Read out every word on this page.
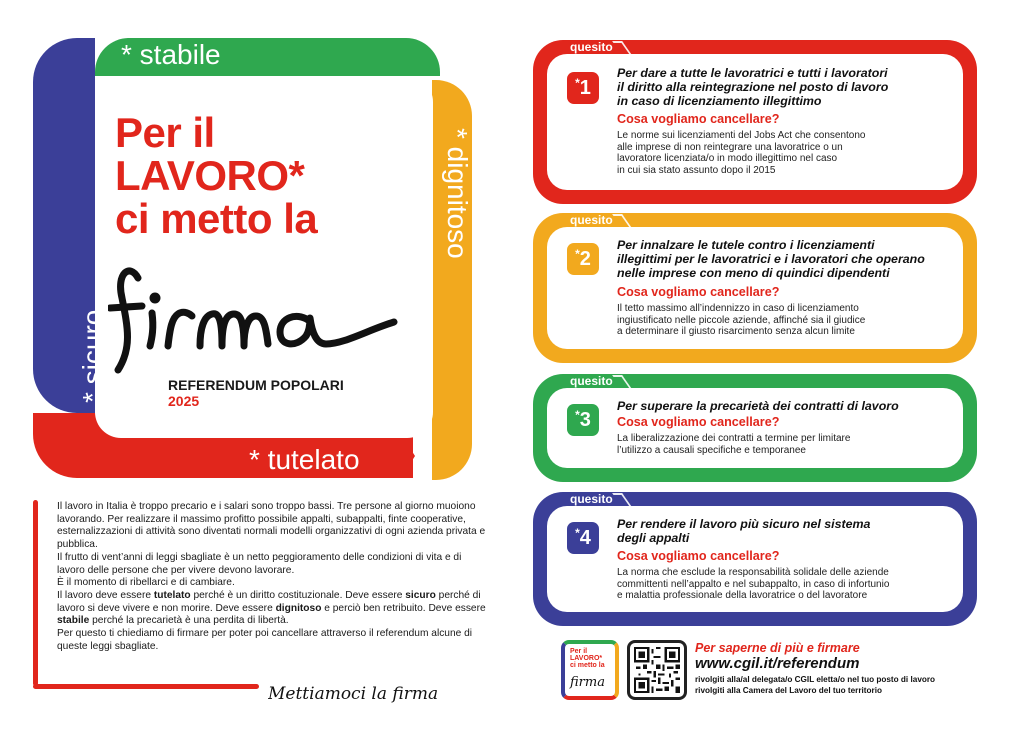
* stabile
* dignitoso
* sicuro
* tutelato
Per il
LAVORO*
ci metto la
REFERENDUM POPOLARI
2025

Il lavoro in Italia è troppo precario e i salari sono troppo bassi. Tre persone al giorno muoiono lavorando. Per realizzare il massimo profitto possibile appalti, subappalti, finte cooperative, esternalizzazioni di attività sono diventati normali modelli organizzativi di ogni azienda privata e pubblica.

Il frutto di vent’anni di leggi sbagliate è un netto peggioramento delle condizioni di vita e di lavoro delle persone che per vivere devono lavorare.

È il momento di ribellarci e di cambiare.

Il lavoro deve essere tutelato perché è un diritto costituzionale. Deve essere sicuro perché di lavoro si deve vivere e non morire. Deve essere dignitoso e perciò ben retribuito. Deve essere stabile perché la precarietà è una perdita di libertà.

Per questo ti chiediamo di firmare per poter poi cancellare attraverso il referendum alcune di queste leggi sbagliate.

Mettiamoci la firma
quesito
*1
Per dare a tutte le lavoratrici e tutti i lavoratori
il diritto alla reintegrazione nel posto di lavoro
in caso di licenziamento illegittimo
Cosa vogliamo cancellare?
Le norme sui licenziamenti del Jobs Act che consentono
alle imprese di non reintegrare una lavoratrice o un
lavoratore licenziata/o in modo illegittimo nel caso
in cui sia stato assunto dopo il 2015
quesito
*2
Per innalzare le tutele contro i licenziamenti
illegittimi per le lavoratrici e i lavoratori che operano
nelle imprese con meno di quindici dipendenti
Cosa vogliamo cancellare?
Il tetto massimo all’indennizzo in caso di licenziamento
ingiustificato nelle piccole aziende, affinché sia il giudice
a determinare il giusto risarcimento senza alcun limite
quesito
*3
Per superare la precarietà dei contratti di lavoro
Cosa vogliamo cancellare?
La liberalizzazione dei contratti a termine per limitare
l’utilizzo a causali specifiche e temporanee
quesito
*4
Per rendere il lavoro più sicuro nel sistema
degli appalti
Cosa vogliamo cancellare?
La norma che esclude la responsabilità solidale delle aziende
committenti nell’appalto e nel subappalto, in caso di infortunio
e malattia professionale della lavoratrice o del lavoratore
Per il
LAVORO*
ci metto la
firma
Per saperne di più e firmare
www.cgil.it/referendum
rivolgiti alla/al delegata/o CGIL eletta/o nel tuo posto di lavoro
rivolgiti alla Camera del Lavoro del tuo territorio
